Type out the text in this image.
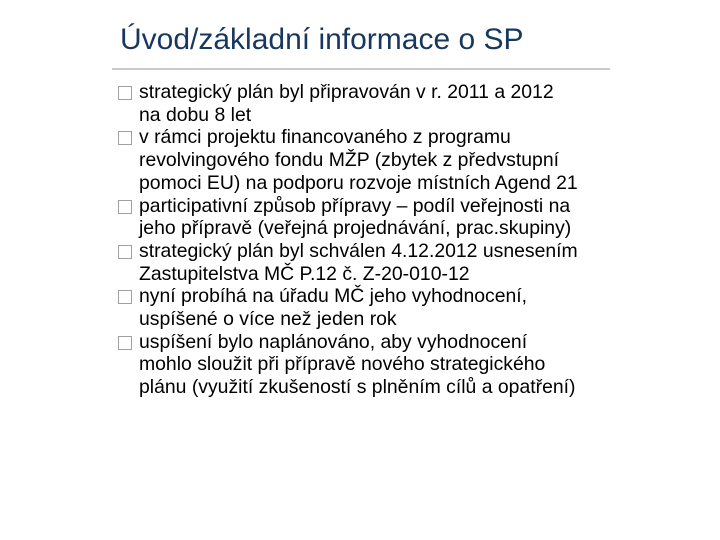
Úvod/základní informace o SP
strategický plán byl připravován v r. 2011 a 2012
na dobu 8 let
v rámci projektu financovaného z programu
revolvingového fondu MŽP (zbytek z předvstupní
pomoci EU) na podporu rozvoje místních Agend 21
participativní způsob přípravy – podíl veřejnosti na
jeho přípravě (veřejná projednávání, prac.skupiny)
strategický plán byl schválen 4.12.2012 usnesením
Zastupitelstva MČ P.12 č. Z-20-010-12
nyní probíhá na úřadu MČ jeho vyhodnocení,
uspíšené o více než jeden rok
uspíšení bylo naplánováno, aby vyhodnocení
mohlo sloužit při přípravě nového strategického
plánu (využití zkušeností s plněním cílů a opatření)
